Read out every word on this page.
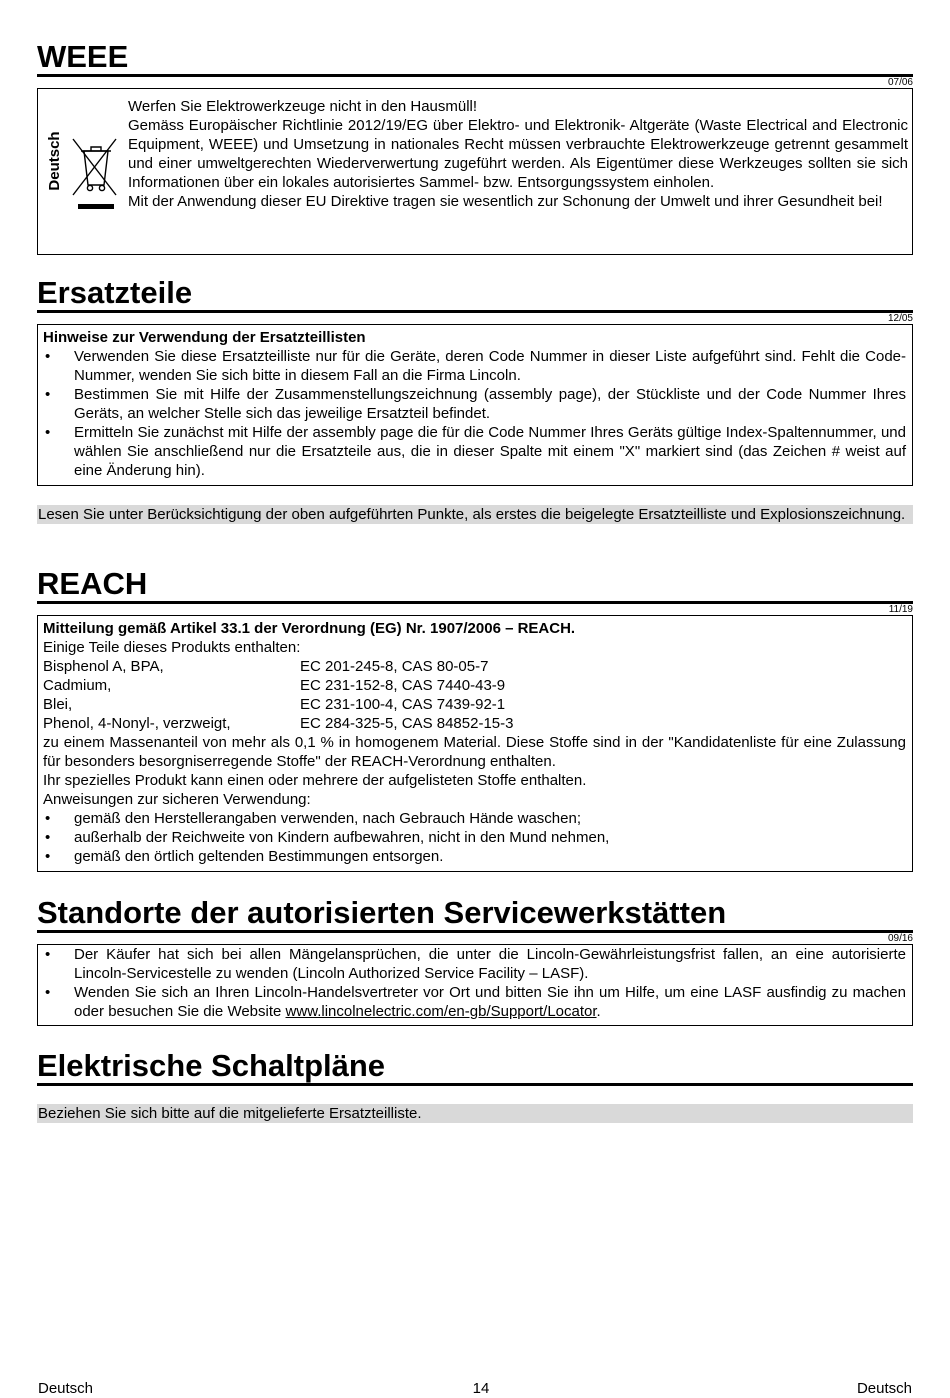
WEEE
07/06
Deutsch
Werfen Sie Elektrowerkzeuge nicht in den Hausmüll!
Gemäss Europäischer Richtlinie 2012/19/EG über Elektro- und Elektronik- Altgeräte (Waste Electrical and Electronic Equipment, WEEE) und Umsetzung in nationales Recht müssen verbrauchte Elektrowerkzeuge getrennt gesammelt und einer umweltgerechten Wiederverwertung zugeführt werden. Als Eigentümer diese Werkzeuges sollten sie sich Informationen über ein lokales autorisiertes Sammel- bzw. Entsorgungssystem einholen.
Mit der Anwendung dieser EU Direktive tragen sie wesentlich zur Schonung der Umwelt und ihrer Gesundheit bei!
Ersatzteile
12/05
Hinweise zur Verwendung der Ersatzteillisten
• Verwenden Sie diese Ersatzteilliste nur für die Geräte, deren Code Nummer in dieser Liste aufgeführt sind. Fehlt die Code-Nummer, wenden Sie sich bitte in diesem Fall an die Firma Lincoln.
• Bestimmen Sie mit Hilfe der Zusammenstellungszeichnung (assembly page), der Stückliste und der Code Nummer Ihres Geräts, an welcher Stelle sich das jeweilige Ersatzteil befindet.
• Ermitteln Sie zunächst mit Hilfe der assembly page die für die Code Nummer Ihres Geräts gültige Index-Spaltennummer, und wählen Sie anschließend nur die Ersatzteile aus, die in dieser Spalte mit einem "X" markiert sind (das Zeichen # weist auf eine Änderung hin).
Lesen Sie unter Berücksichtigung der oben aufgeführten Punkte, als erstes die beigelegte Ersatzteilliste und Explosionszeichnung.
REACH
11/19
Mitteilung gemäß Artikel 33.1 der Verordnung (EG) Nr. 1907/2006 – REACH.
Einige Teile dieses Produkts enthalten:
Bisphenol A, BPA,	EC 201-245-8, CAS 80-05-7
Cadmium,	EC 231-152-8, CAS 7440-43-9
Blei,	EC 231-100-4, CAS 7439-92-1
Phenol, 4-Nonyl-, verzweigt,	EC 284-325-5, CAS 84852-15-3
zu einem Massenanteil von mehr als 0,1 % in homogenem Material. Diese Stoffe sind in der "Kandidatenliste für eine Zulassung für besonders besorgniserregende Stoffe" der REACH-Verordnung enthalten.
Ihr spezielles Produkt kann einen oder mehrere der aufgelisteten Stoffe enthalten.
Anweisungen zur sicheren Verwendung:
• gemäß den Herstellerangaben verwenden, nach Gebrauch Hände waschen;
• außerhalb der Reichweite von Kindern aufbewahren, nicht in den Mund nehmen,
• gemäß den örtlich geltenden Bestimmungen entsorgen.
Standorte der autorisierten Servicewerkstätten
09/16
• Der Käufer hat sich bei allen Mängelansprüchen, die unter die Lincoln-Gewährleistungsfrist fallen, an eine autorisierte Lincoln-Servicestelle zu wenden (Lincoln Authorized Service Facility – LASF).
• Wenden Sie sich an Ihren Lincoln-Handelsvertreter vor Ort und bitten Sie ihn um Hilfe, um eine LASF ausfindig zu machen oder besuchen Sie die Website www.lincolnelectric.com/en-gb/Support/Locator.
Elektrische Schaltpläne
Beziehen Sie sich bitte auf die mitgelieferte Ersatzteilliste.
Deutsch	14	Deutsch
